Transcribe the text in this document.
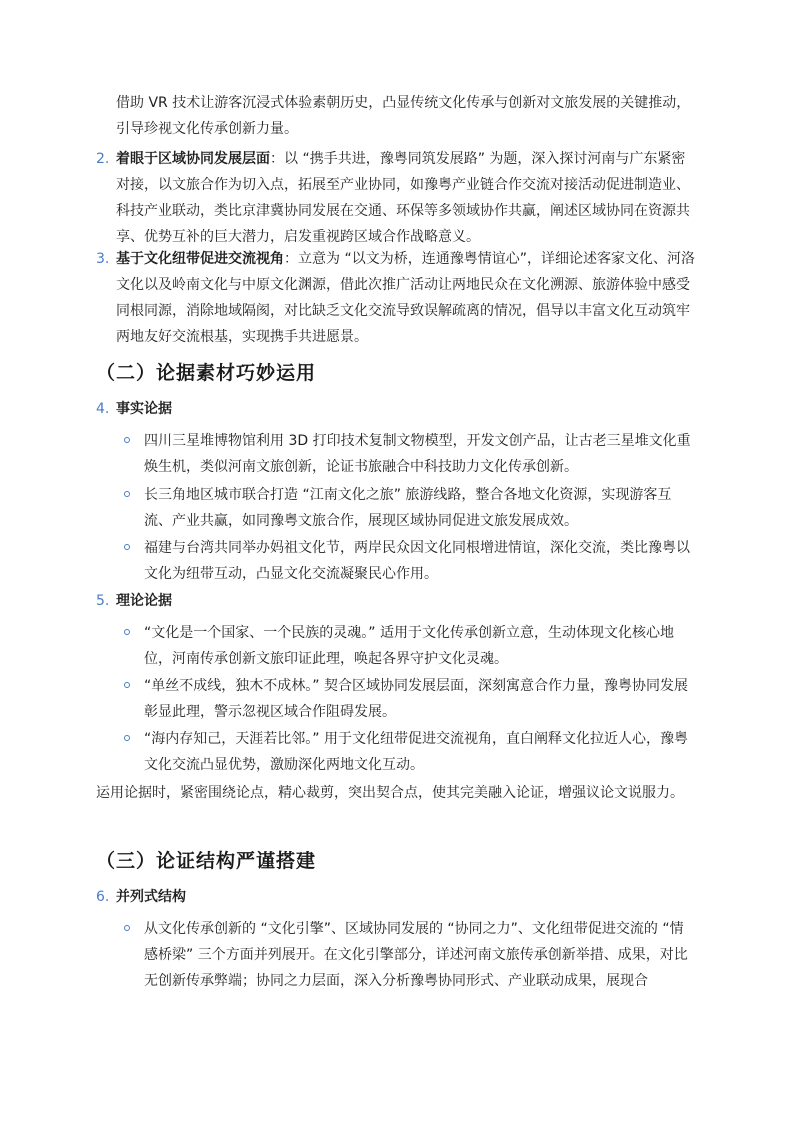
借助 VR 技术让游客沉浸式体验素朝历史，凸显传统文化传承与创新对文旅发展的关键推动，引导珍视文化传承创新力量。

2. 着眼于区域协同发展层面：以 “携手共进，豫粤同筑发展路” 为题，深入探讨河南与广东紧密对接，以文旅合作为切入点，拓展至产业协同，如豫粤产业链合作交流对接活动促进制造业、科技产业联动，类比京津冀协同发展在交通、环保等多领域协作共赢，阐述区域协同在资源共享、优势互补的巨大潜力，启发重视跨区域合作战略意义。
3. 基于文化纽带促进交流视角：立意为 “以文为桥，连通豫粤情谊心”，详细论述客家文化、河洛文化以及岭南文化与中原文化渊源，借此次推广活动让两地民众在文化溯源、旅游体验中感受同根同源，消除地域隔阂，对比缺乏文化交流导致误解疏离的情况，倡导以丰富文化互动筑牢两地友好交流根基，实现携手共进愿景。
（二）论据素材巧妙运用
4. 事实论据
四川三星堆博物馆利用 3D 打印技术复制文物模型，开发文创产品，让古老三星堆文化重焕生机，类似河南文旅创新，论证书旅融合中科技助力文化传承创新。
长三角地区城市联合打造 “江南文化之旅” 旅游线路，整合各地文化资源，实现游客互流、产业共赢，如同豫粤文旅合作，展现区域协同促进文旅发展成效。
福建与台湾共同举办妈祖文化节，两岸民众因文化同根增进情谊，深化交流，类比豫粤以文化为纽带互动，凸显文化交流凝聚民心作用。
5. 理论论据
“文化是一个国家、一个民族的灵魂。” 适用于文化传承创新立意，生动体现文化核心地位，河南传承创新文旅印证此理，唤起各界守护文化灵魂。
“单丝不成线，独木不成林。” 契合区域协同发展层面，深刻寓意合作力量，豫粤协同发展彰显此理，警示忽视区域合作阻碍发展。
“海内存知己，天涯若比邻。” 用于文化纽带促进交流视角，直白阐释文化拉近人心，豫粤文化交流凸显优势，激励深化两地文化互动。

运用论据时，紧密围绕论点，精心裁剪，突出契合点，使其完美融入论证，增强议论文说服力。

（三）论证结构严谨搭建
6. 并列式结构
从文化传承创新的 “文化引擎”、区域协同发展的 “协同之力”、文化纽带促进交流的 “情感桥梁” 三个方面并列展开。在文化引擎部分，详述河南文旅传承创新举措、成果，对比无创新传承弊端；协同之力层面，深入分析豫粤协同形式、产业联动成果，展现合
